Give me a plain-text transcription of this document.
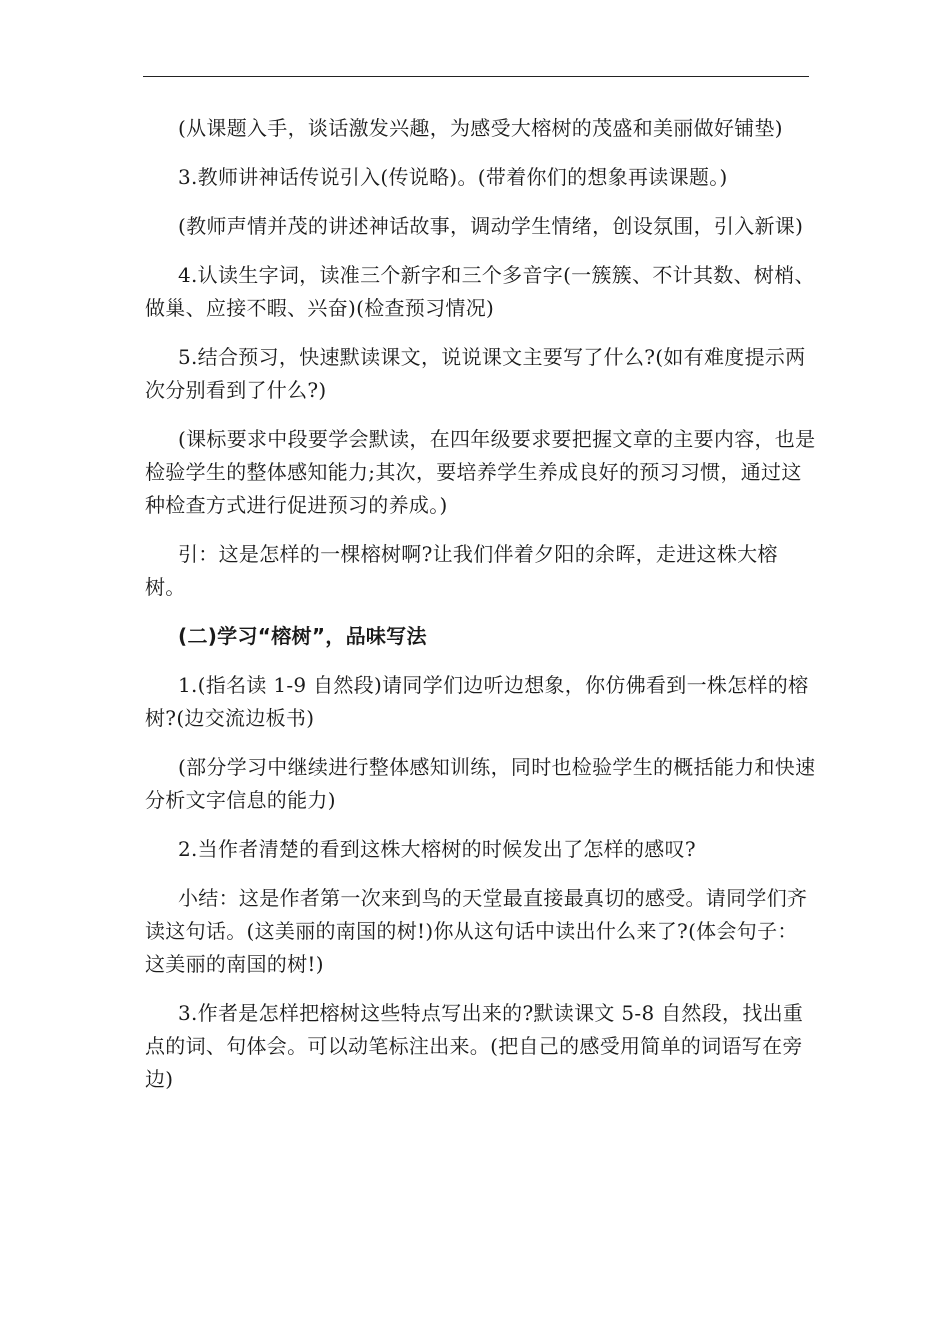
(从课题入手，谈话激发兴趣，为感受大榕树的茂盛和美丽做好铺垫)

3.教师讲神话传说引入(传说略)。(带着你们的想象再读课题。)

(教师声情并茂的讲述神话故事，调动学生情绪，创设氛围，引入新课)

4.认读生字词，读准三个新字和三个多音字(一簇簇、不计其数、树梢、做巢、应接不暇、兴奋)(检查预习情况)

5.结合预习，快速默读课文，说说课文主要写了什么?(如有难度提示两次分别看到了什么?)

(课标要求中段要学会默读，在四年级要求要把握文章的主要内容，也是检验学生的整体感知能力;其次，要培养学生养成良好的预习习惯，通过这种检查方式进行促进预习的养成。)

引：这是怎样的一棵榕树啊?让我们伴着夕阳的余晖，走进这株大榕树。

(二)学习“榕树”，品味写法

1.(指名读 1-9 自然段)请同学们边听边想象，你仿佛看到一株怎样的榕树?(边交流边板书)

(部分学习中继续进行整体感知训练，同时也检验学生的概括能力和快速分析文字信息的能力)

2.当作者清楚的看到这株大榕树的时候发出了怎样的感叹?

小结：这是作者第一次来到鸟的天堂最直接最真切的感受。请同学们齐读这句话。(这美丽的南国的树!)你从这句话中读出什么来了?(体会句子：这美丽的南国的树!)

3.作者是怎样把榕树这些特点写出来的?默读课文 5-8 自然段，找出重点的词、句体会。可以动笔标注出来。(把自己的感受用简单的词语写在旁边)
